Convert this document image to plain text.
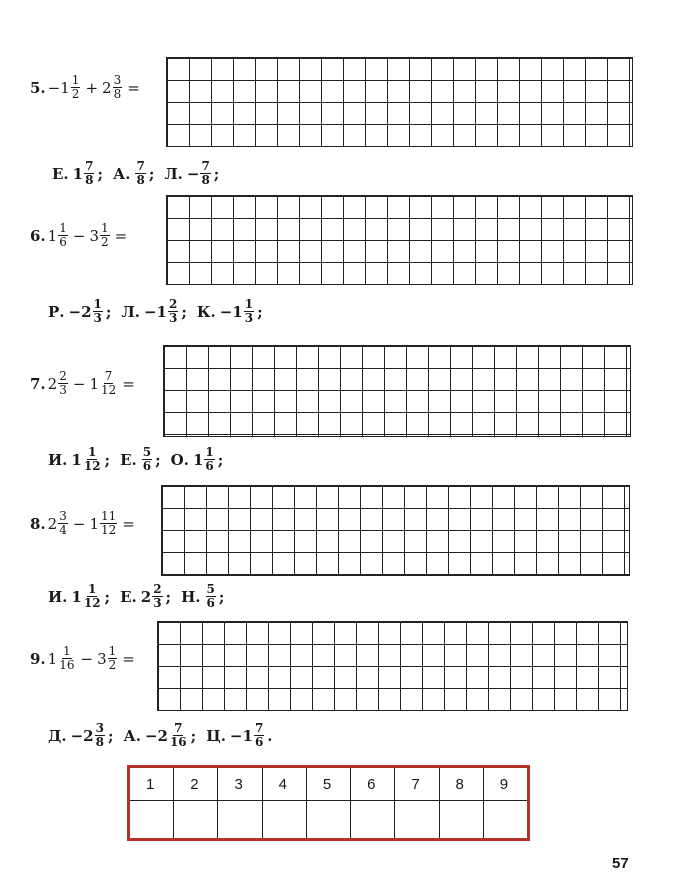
5. $-1 \frac{1}{2} + 2 \frac{3}{8}$ =
Е. $1 \frac{7}{8}$ ; А. $\frac{7}{8}$ ; Л. − $\frac{7}{8}$ ;
6. $1 \frac{1}{6} - 3 \frac{1}{2}$ =
Р. $-2 \frac{1}{3}$ ; Л. $-1 \frac{2}{3}$ ; К. $-1 \frac{1}{3}$ ;
7. $2 \frac{2}{3} - 1 \frac{7}{12}$ =
И. $1 \frac{1}{12}$ ; Е. $\frac{5}{6}$ ; О. $1 \frac{1}{6}$ ;
8. $2 \frac{3}{4} - 1 \frac{11}{12}$ =
И. $1 \frac{1}{12}$ ; Е. $2 \frac{2}{3}$ ; Н. $\frac{5}{6}$ ;
9. $1 \frac{1}{16} - 3 \frac{1}{2}$ =
Д. $-2 \frac{3}{8}$ ; А. $-2 \frac{7}{16}$ ; Ц. $-1 \frac{7}{6}$ .
1	2	3	4	5	6	7	8	9

57
